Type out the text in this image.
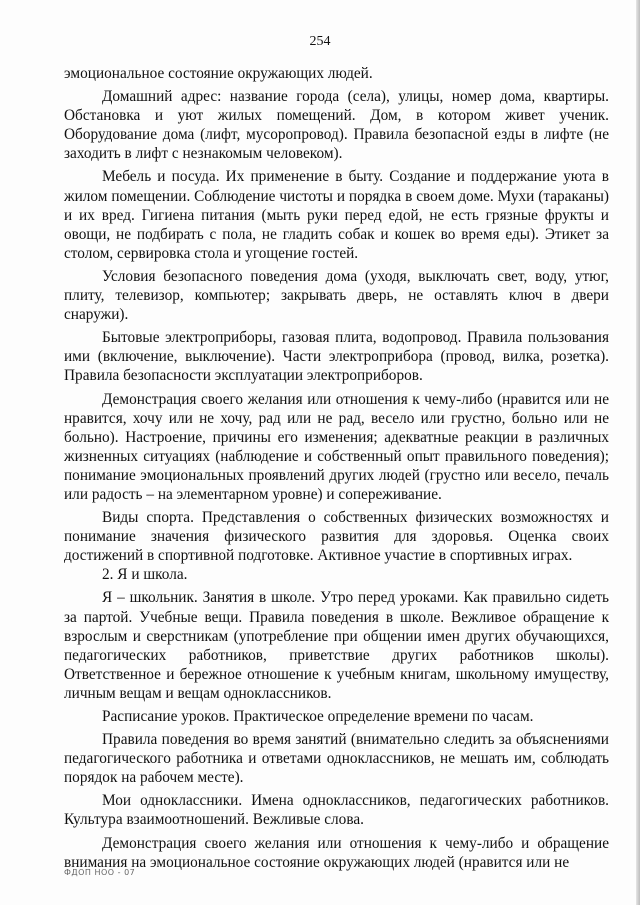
254

эмоциональное состояние окружающих людей.

Домашний адрес: название города (села), улицы, номер дома, квартиры. Обстановка и уют жилых помещений. Дом, в котором живет ученик. Оборудование дома (лифт, мусоропровод). Правила безопасной езды в лифте (не заходить в лифт с незнакомым человеком).

Мебель и посуда. Их применение в быту. Создание и поддержание уюта в жилом помещении. Соблюдение чистоты и порядка в своем доме. Мухи (тараканы) и их вред. Гигиена питания (мыть руки перед едой, не есть грязные фрукты и овощи, не подбирать с пола, не гладить собак и кошек во время еды). Этикет за столом, сервировка стола и угощение гостей.

Условия безопасного поведения дома (уходя, выключать свет, воду, утюг, плиту, телевизор, компьютер; закрывать дверь, не оставлять ключ в двери снаружи).

Бытовые электроприборы, газовая плита, водопровод. Правила пользования ими (включение, выключение). Части электроприбора (провод, вилка, розетка). Правила безопасности эксплуатации электроприборов.

Демонстрация своего желания или отношения к чему-либо (нравится или не нравится, хочу или не хочу, рад или не рад, весело или грустно, больно или не больно). Настроение, причины его изменения; адекватные реакции в различных жизненных ситуациях (наблюдение и собственный опыт правильного поведения); понимание эмоциональных проявлений других людей (грустно или весело, печаль или радость – на элементарном уровне) и сопереживание.

Виды спорта. Представления о собственных физических возможностях и понимание значения физического развития для здоровья. Оценка своих достижений в спортивной подготовке. Активное участие в спортивных играх.

2. Я и школа.

Я – школьник. Занятия в школе. Утро перед уроками. Как правильно сидеть за партой. Учебные вещи. Правила поведения в школе. Вежливое обращение к взрослым и сверстникам (употребление при общении имен других обучающихся, педагогических работников, приветствие других работников школы). Ответственное и бережное отношение к учебным книгам, школьному имуществу, личным вещам и вещам одноклассников.

Расписание уроков. Практическое определение времени по часам.

Правила поведения во время занятий (внимательно следить за объяснениями педагогического работника и ответами одноклассников, не мешать им, соблюдать порядок на рабочем месте).

Мои одноклассники. Имена одноклассников, педагогических работников. Культура взаимоотношений. Вежливые слова.

Демонстрация своего желания или отношения к чему-либо и обращение внимания на эмоциональное состояние окружающих людей (нравится или не

ФДОП НОО - 07
